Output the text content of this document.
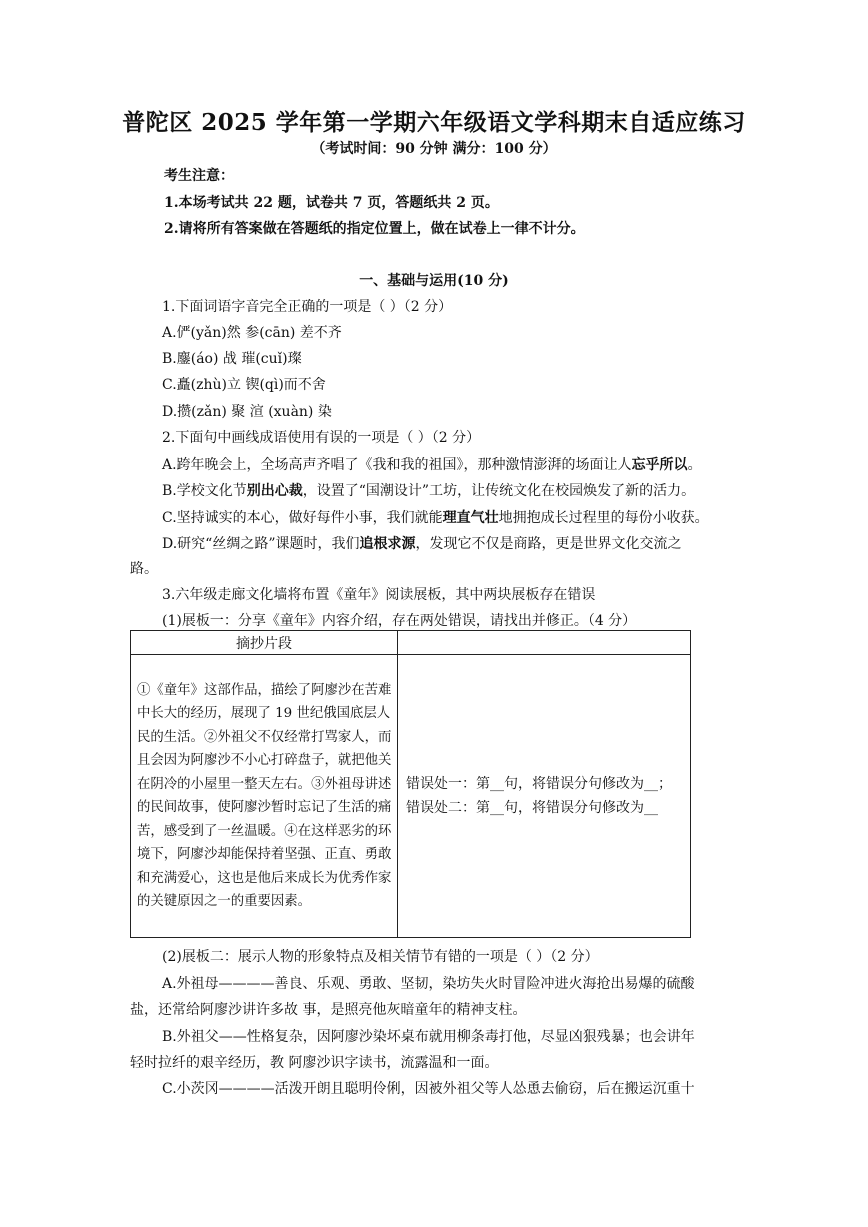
普陀区 2025 学年第一学期六年级语文学科期末自适应练习
（考试时间：90 分钟 满分：100 分）
考生注意：
1.本场考试共 22 题，试卷共 7 页，答题纸共 2 页。
2.请将所有答案做在答题纸的指定位置上，做在试卷上一律不计分。
一、基础与运用(10 分)
1.下面词语字音完全正确的一项是（ ）（2 分）
A.俨(yǎn)然 参(cān) 差不齐
B.鏖(áo) 战 璀(cuǐ)璨
C.矗(zhù)立 锲(qì)而不舍
D.攒(zǎn) 聚 渲 (xuàn) 染
2.下面句中画线成语使用有误的一项是（ ）（2 分）
A.跨年晚会上，全场高声齐唱了《我和我的祖国》，那种激情澎湃的场面让人忘乎所以。
B.学校文化节别出心裁，设置了“国潮设计”工坊，让传统文化在校园焕发了新的活力。
C.坚持诚实的本心，做好每件小事，我们就能理直气壮地拥抱成长过程里的每份小收获。
D.研究“丝绸之路”课题时，我们追根求源，发现它不仅是商路，更是世界文化交流之
路。
3.六年级走廊文化墙将布置《童年》阅读展板，其中两块展板存在错误
(1)展板一：分享《童年》内容介绍，存在两处错误，请找出并修正。（4 分）
摘抄片段	
①《童年》这部作品，描绘了阿廖沙在苦难中长大的经历，展现了 19 世纪俄国底层人民的生活。②外祖父不仅经常打骂家人，而且会因为阿廖沙不小心打碎盘子，就把他关在阴冷的小屋里一整天左右。③外祖母讲述的民间故事，使阿廖沙暂时忘记了生活的痛苦，感受到了一丝温暖。④在这样恶劣的环境下，阿廖沙却能保持着坚强、正直、勇敢和充满爱心，这也是他后来成长为优秀作家的关键原因之一的重要因素。	错误处一：第__句，将错误分句修改为__；
错误处二：第__句，将错误分句修改为__
(2)展板二：展示人物的形象特点及相关情节有错的一项是（ ）（2 分）
A.外祖母————善良、乐观、勇敢、坚韧，染坊失火时冒险冲进火海抢出易爆的硫酸
盐，还常给阿廖沙讲许多故 事，是照亮他灰暗童年的精神支柱。
B.外祖父——性格复杂，因阿廖沙染坏桌布就用柳条毒打他，尽显凶狠残暴；也会讲年
轻时拉纤的艰辛经历，教 阿廖沙识字读书，流露温和一面。
C.小茨冈————活泼开朗且聪明伶俐，因被外祖父等人怂恿去偷窃，后在搬运沉重十
